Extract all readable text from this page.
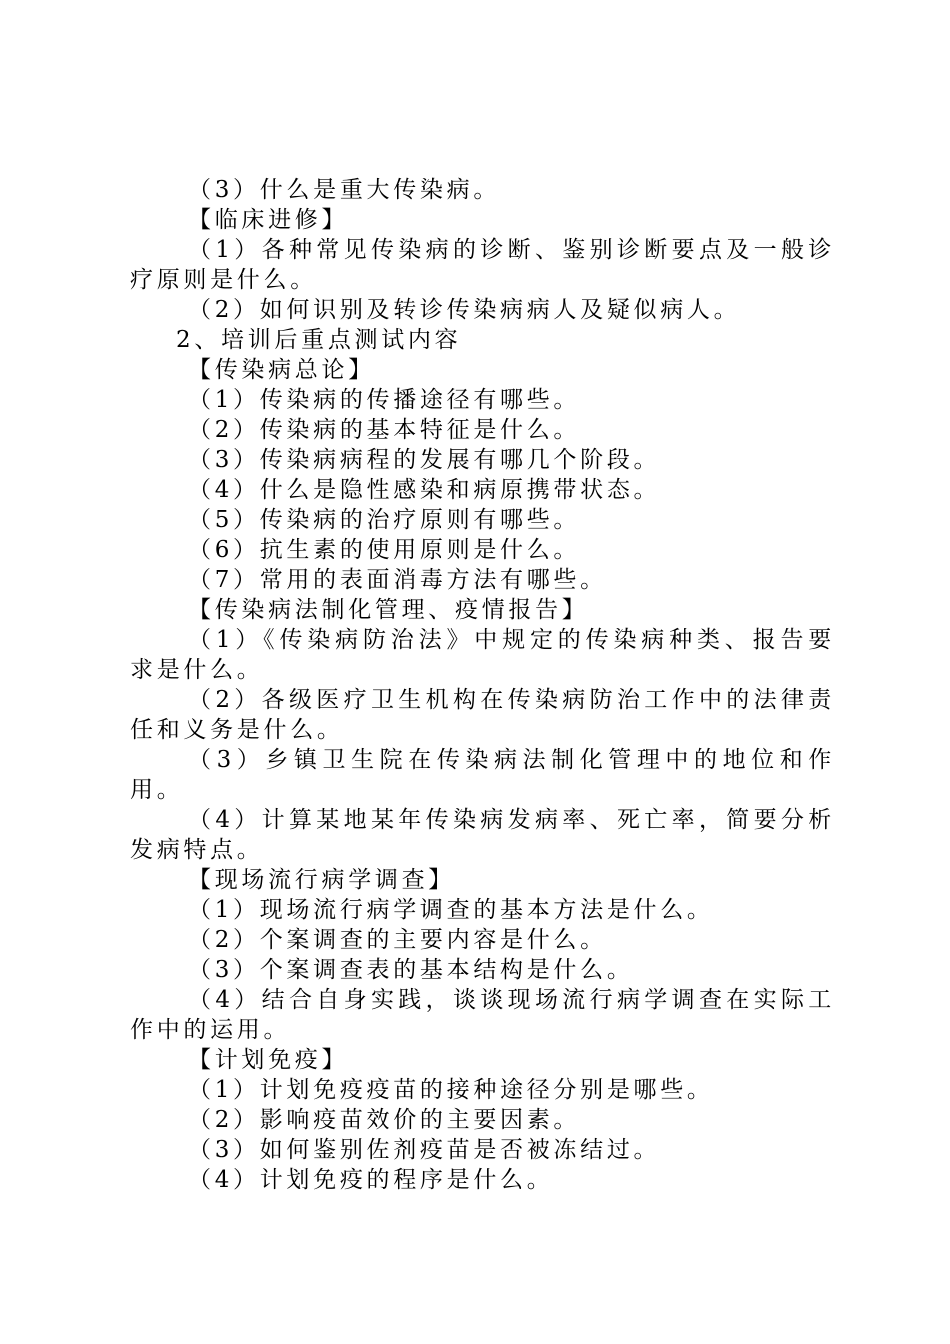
（3）什么是重大传染病。

【临床进修】

（1）各种常见传染病的诊断、鉴别诊断要点及一般诊疗原则是什么。

（2）如何识别及转诊传染病病人及疑似病人。

2、培训后重点测试内容

【传染病总论】

（1）传染病的传播途径有哪些。

（2）传染病的基本特征是什么。

（3）传染病病程的发展有哪几个阶段。

（4）什么是隐性感染和病原携带状态。

（5）传染病的治疗原则有哪些。

（6）抗生素的使用原则是什么。

（7）常用的表面消毒方法有哪些。

【传染病法制化管理、疫情报告】

（1）《传染病防治法》中规定的传染病种类、报告要求是什么。

（2）各级医疗卫生机构在传染病防治工作中的法律责任和义务是什么。

（3）乡镇卫生院在传染病法制化管理中的地位和作用。

（4）计算某地某年传染病发病率、死亡率，简要分析发病特点。

【现场流行病学调查】

（1）现场流行病学调查的基本方法是什么。

（2）个案调查的主要内容是什么。

（3）个案调查表的基本结构是什么。

（4）结合自身实践，谈谈现场流行病学调查在实际工作中的运用。

【计划免疫】

（1）计划免疫疫苗的接种途径分别是哪些。

（2）影响疫苗效价的主要因素。

（3）如何鉴别佐剂疫苗是否被冻结过。

（4）计划免疫的程序是什么。
